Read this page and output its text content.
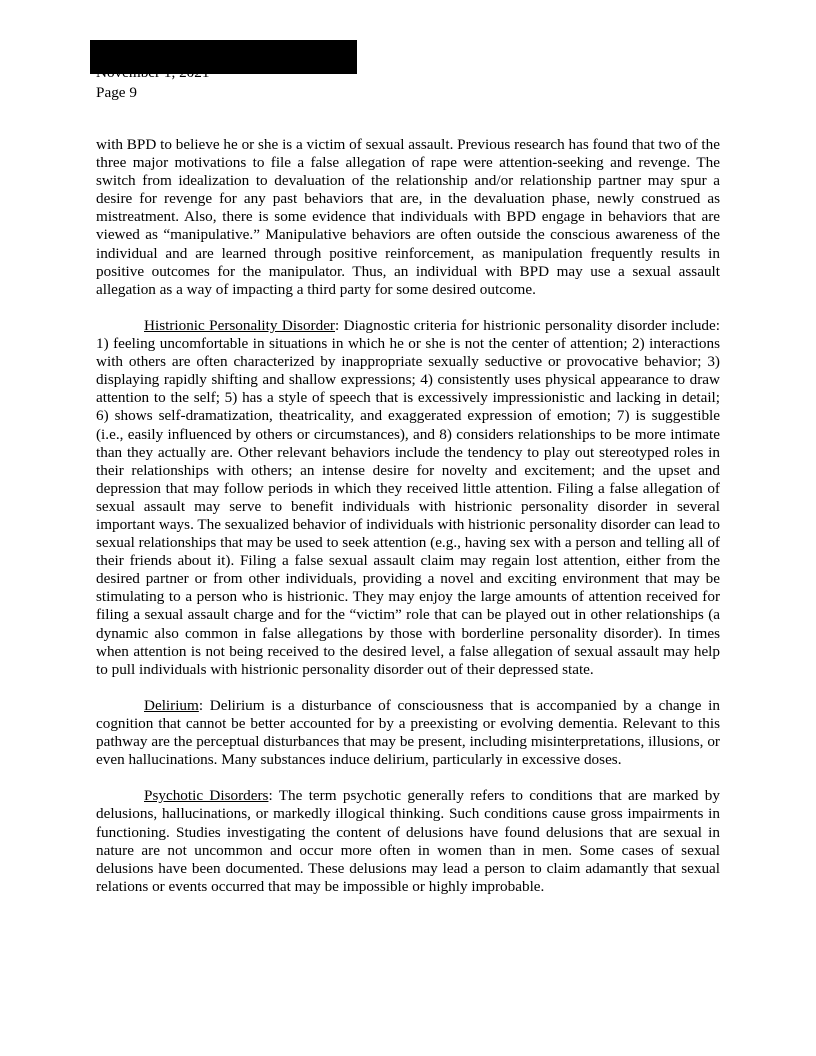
Page 9

with BPD to believe he or she is a victim of sexual assault. Previous research has found that two of the three major motivations to file a false allegation of rape were attention-seeking and revenge. The switch from idealization to devaluation of the relationship and/or relationship partner may spur a desire for revenge for any past behaviors that are, in the devaluation phase, newly construed as mistreatment. Also, there is some evidence that individuals with BPD engage in behaviors that are viewed as “manipulative.” Manipulative behaviors are often outside the conscious awareness of the individual and are learned through positive reinforcement, as manipulation frequently results in positive outcomes for the manipulator. Thus, an individual with BPD may use a sexual assault allegation as a way of impacting a third party for some desired outcome.

Histrionic Personality Disorder: Diagnostic criteria for histrionic personality disorder include: 1) feeling uncomfortable in situations in which he or she is not the center of attention; 2) interactions with others are often characterized by inappropriate sexually seductive or provocative behavior; 3) displaying rapidly shifting and shallow expressions; 4) consistently uses physical appearance to draw attention to the self; 5) has a style of speech that is excessively impressionistic and lacking in detail; 6) shows self-dramatization, theatricality, and exaggerated expression of emotion; 7) is suggestible (i.e., easily influenced by others or circumstances), and 8) considers relationships to be more intimate than they actually are. Other relevant behaviors include the tendency to play out stereotyped roles in their relationships with others; an intense desire for novelty and excitement; and the upset and depression that may follow periods in which they received little attention. Filing a false allegation of sexual assault may serve to benefit individuals with histrionic personality disorder in several important ways. The sexualized behavior of individuals with histrionic personality disorder can lead to sexual relationships that may be used to seek attention (e.g., having sex with a person and telling all of their friends about it). Filing a false sexual assault claim may regain lost attention, either from the desired partner or from other individuals, providing a novel and exciting environment that may be stimulating to a person who is histrionic. They may enjoy the large amounts of attention received for filing a sexual assault charge and for the “victim” role that can be played out in other relationships (a dynamic also common in false allegations by those with borderline personality disorder). In times when attention is not being received to the desired level, a false allegation of sexual assault may help to pull individuals with histrionic personality disorder out of their depressed state.

Delirium: Delirium is a disturbance of consciousness that is accompanied by a change in cognition that cannot be better accounted for by a preexisting or evolving dementia. Relevant to this pathway are the perceptual disturbances that may be present, including misinterpretations, illusions, or even hallucinations. Many substances induce delirium, particularly in excessive doses.

Psychotic Disorders: The term psychotic generally refers to conditions that are marked by delusions, hallucinations, or markedly illogical thinking. Such conditions cause gross impairments in functioning. Studies investigating the content of delusions have found delusions that are sexual in nature are not uncommon and occur more often in women than in men. Some cases of sexual delusions have been documented. These delusions may lead a person to claim adamantly that sexual relations or events occurred that may be impossible or highly improbable.
